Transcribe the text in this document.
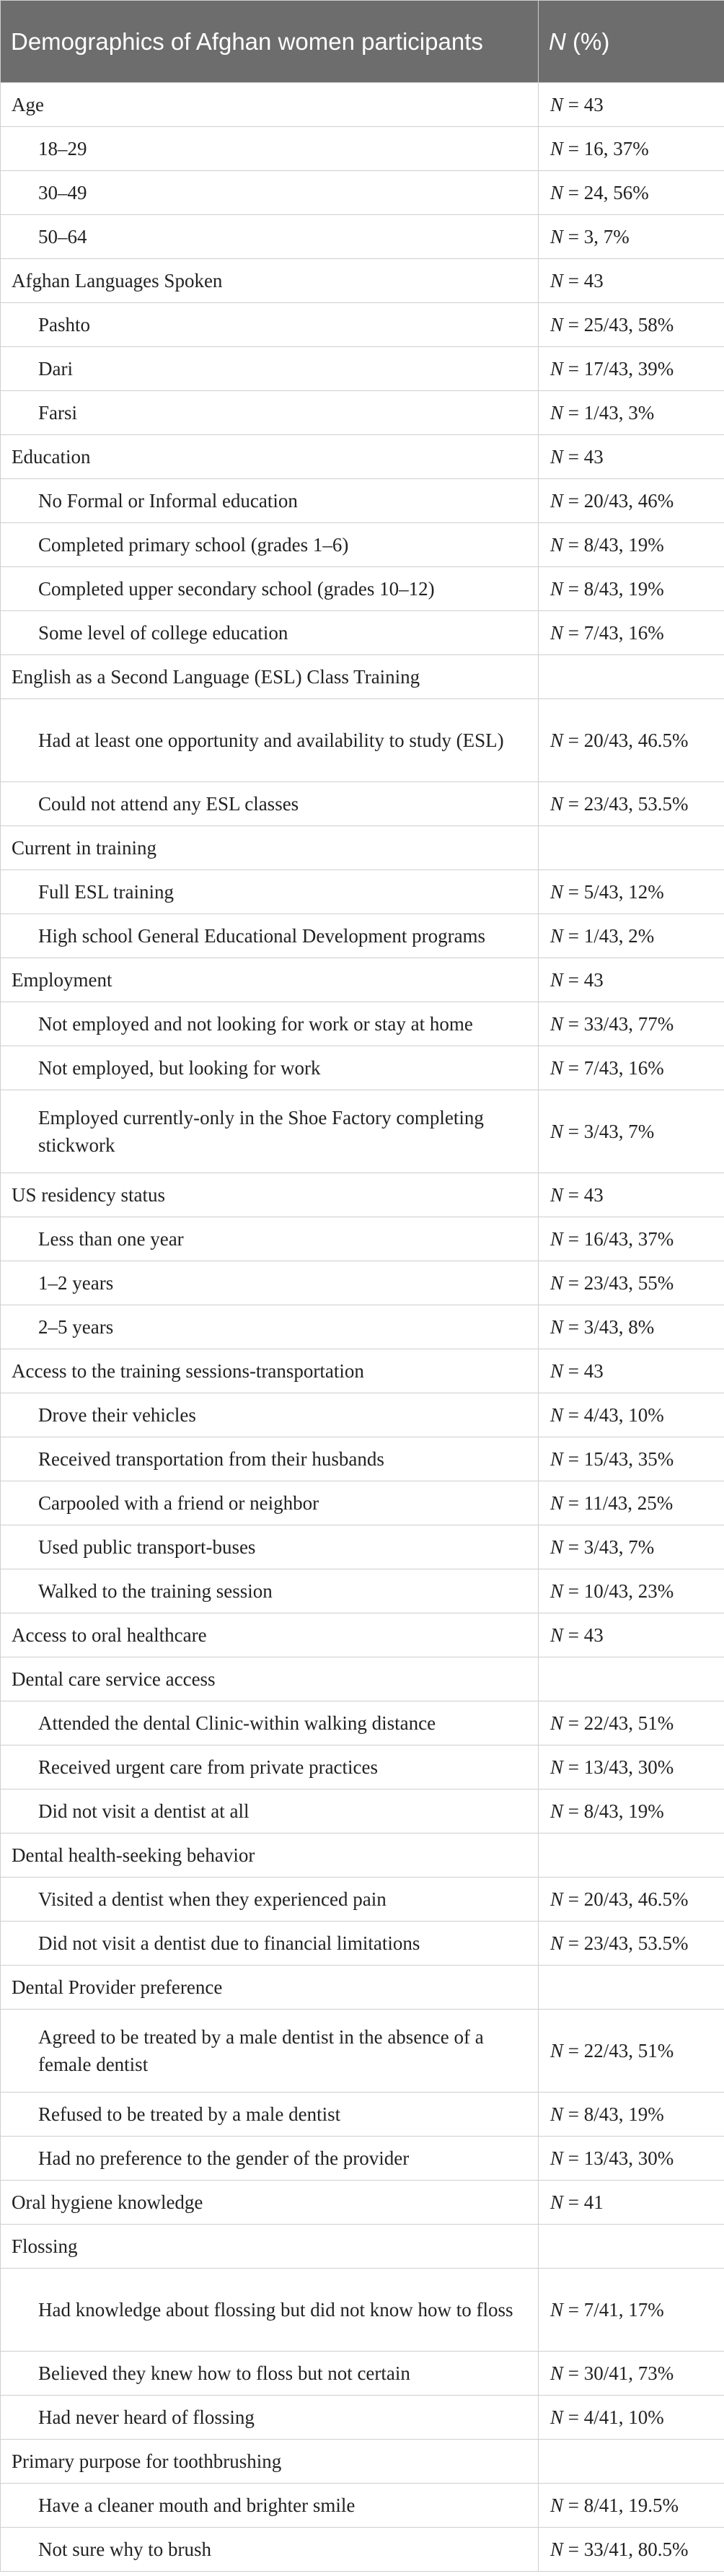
Demographics of Afghan women participants	N (%)
Age	N = 43
18–29	N = 16, 37%
30–49	N = 24, 56%
50–64	N = 3, 7%
Afghan Languages Spoken	N = 43
Pashto	N = 25/43, 58%
Dari	N = 17/43, 39%
Farsi	N = 1/43, 3%
Education	N = 43
No Formal or Informal education	N = 20/43, 46%
Completed primary school (grades 1–6)	N = 8/43, 19%
Completed upper secondary school (grades 10–12)	N = 8/43, 19%
Some level of college education	N = 7/43, 16%
English as a Second Language (ESL) Class Training	
Had at least one opportunity and availability to study (ESL)	N = 20/43, 46.5%
Could not attend any ESL classes	N = 23/43, 53.5%
Current in training	
Full ESL training	N = 5/43, 12%
High school General Educational Development programs	N = 1/43, 2%
Employment	N = 43
Not employed and not looking for work or stay at home	N = 33/43, 77%
Not employed, but looking for work	N = 7/43, 16%
Employed currently-only in the Shoe Factory completing stickwork	N = 3/43, 7%
US residency status	N = 43
Less than one year	N = 16/43, 37%
1–2 years	N = 23/43, 55%
2–5 years	N = 3/43, 8%
Access to the training sessions-transportation	N = 43
Drove their vehicles	N = 4/43, 10%
Received transportation from their husbands	N = 15/43, 35%
Carpooled with a friend or neighbor	N = 11/43, 25%
Used public transport-buses	N = 3/43, 7%
Walked to the training session	N = 10/43, 23%
Access to oral healthcare	N = 43
Dental care service access	
Attended the dental Clinic-within walking distance	N = 22/43, 51%
Received urgent care from private practices	N = 13/43, 30%
Did not visit a dentist at all	N = 8/43, 19%
Dental health-seeking behavior	
Visited a dentist when they experienced pain	N = 20/43, 46.5%
Did not visit a dentist due to financial limitations	N = 23/43, 53.5%
Dental Provider preference	
Agreed to be treated by a male dentist in the absence of a female dentist	N = 22/43, 51%
Refused to be treated by a male dentist	N = 8/43, 19%
Had no preference to the gender of the provider	N = 13/43, 30%
Oral hygiene knowledge	N = 41
Flossing	
Had knowledge about flossing but did not know how to floss	N = 7/41, 17%
Believed they knew how to floss but not certain	N = 30/41, 73%
Had never heard of flossing	N = 4/41, 10%
Primary purpose for toothbrushing	
Have a cleaner mouth and brighter smile	N = 8/41, 19.5%
Not sure why to brush	N = 33/41, 80.5%
